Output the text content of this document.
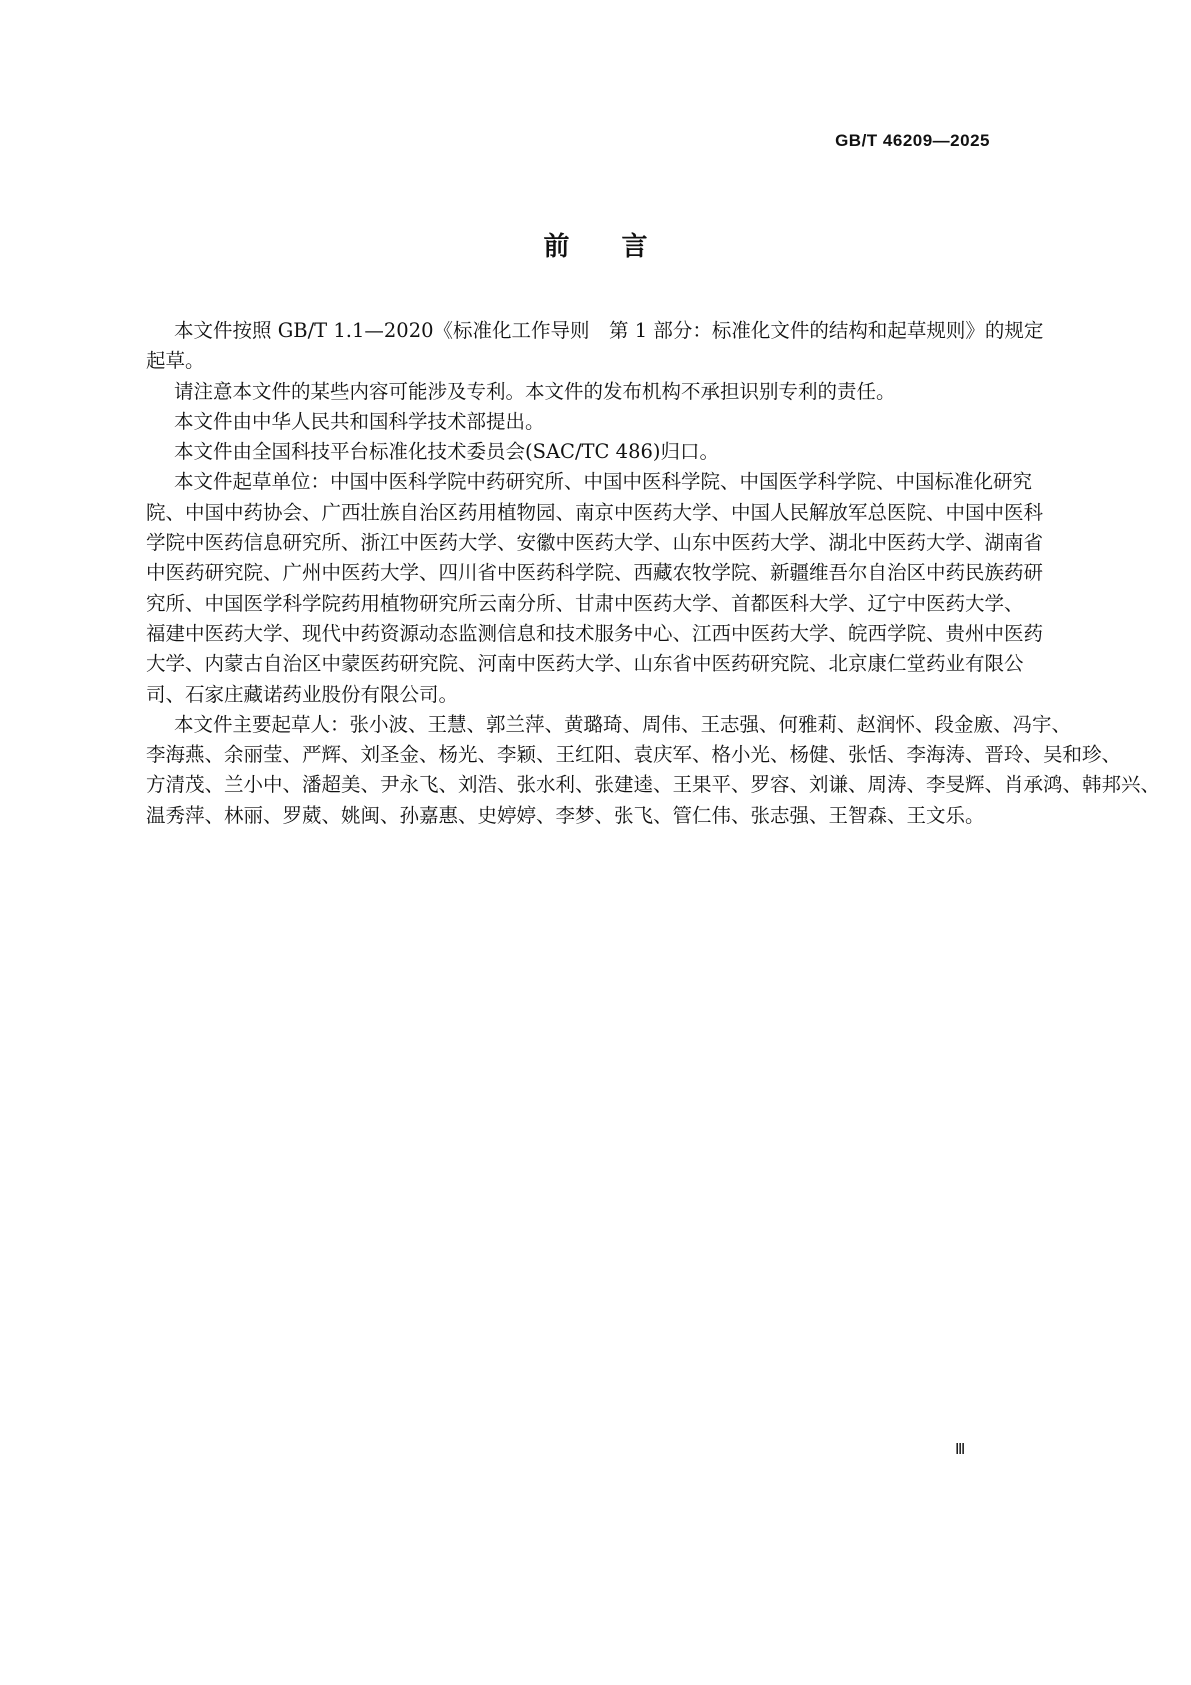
GB/T 46209—2025
前 言
本文件按照 GB/T 1.1—2020《标准化工作导则　第 1 部分：标准化文件的结构和起草规则》的规定
起草。
请注意本文件的某些内容可能涉及专利。本文件的发布机构不承担识别专利的责任。
本文件由中华人民共和国科学技术部提出。
本文件由全国科技平台标准化技术委员会(SAC/TC 486)归口。
本文件起草单位：中国中医科学院中药研究所、中国中医科学院、中国医学科学院、中国标准化研究
院、中国中药协会、广西壮族自治区药用植物园、南京中医药大学、中国人民解放军总医院、中国中医科
学院中医药信息研究所、浙江中医药大学、安徽中医药大学、山东中医药大学、湖北中医药大学、湖南省
中医药研究院、广州中医药大学、四川省中医药科学院、西藏农牧学院、新疆维吾尔自治区中药民族药研
究所、中国医学科学院药用植物研究所云南分所、甘肃中医药大学、首都医科大学、辽宁中医药大学、
福建中医药大学、现代中药资源动态监测信息和技术服务中心、江西中医药大学、皖西学院、贵州中医药
大学、内蒙古自治区中蒙医药研究院、河南中医药大学、山东省中医药研究院、北京康仁堂药业有限公
司、石家庄藏诺药业股份有限公司。
本文件主要起草人：张小波、王慧、郭兰萍、黄璐琦、周伟、王志强、何雅莉、赵润怀、段金廒、冯宇、
李海燕、余丽莹、严辉、刘圣金、杨光、李颖、王红阳、袁庆军、格小光、杨健、张恬、李海涛、晋玲、吴和珍、
方清茂、兰小中、潘超美、尹永飞、刘浩、张水利、张建逵、王果平、罗容、刘谦、周涛、李旻辉、肖承鸿、韩邦兴、
温秀萍、林丽、罗葳、姚闽、孙嘉惠、史婷婷、李梦、张飞、管仁伟、张志强、王智森、王文乐。
Ⅲ
